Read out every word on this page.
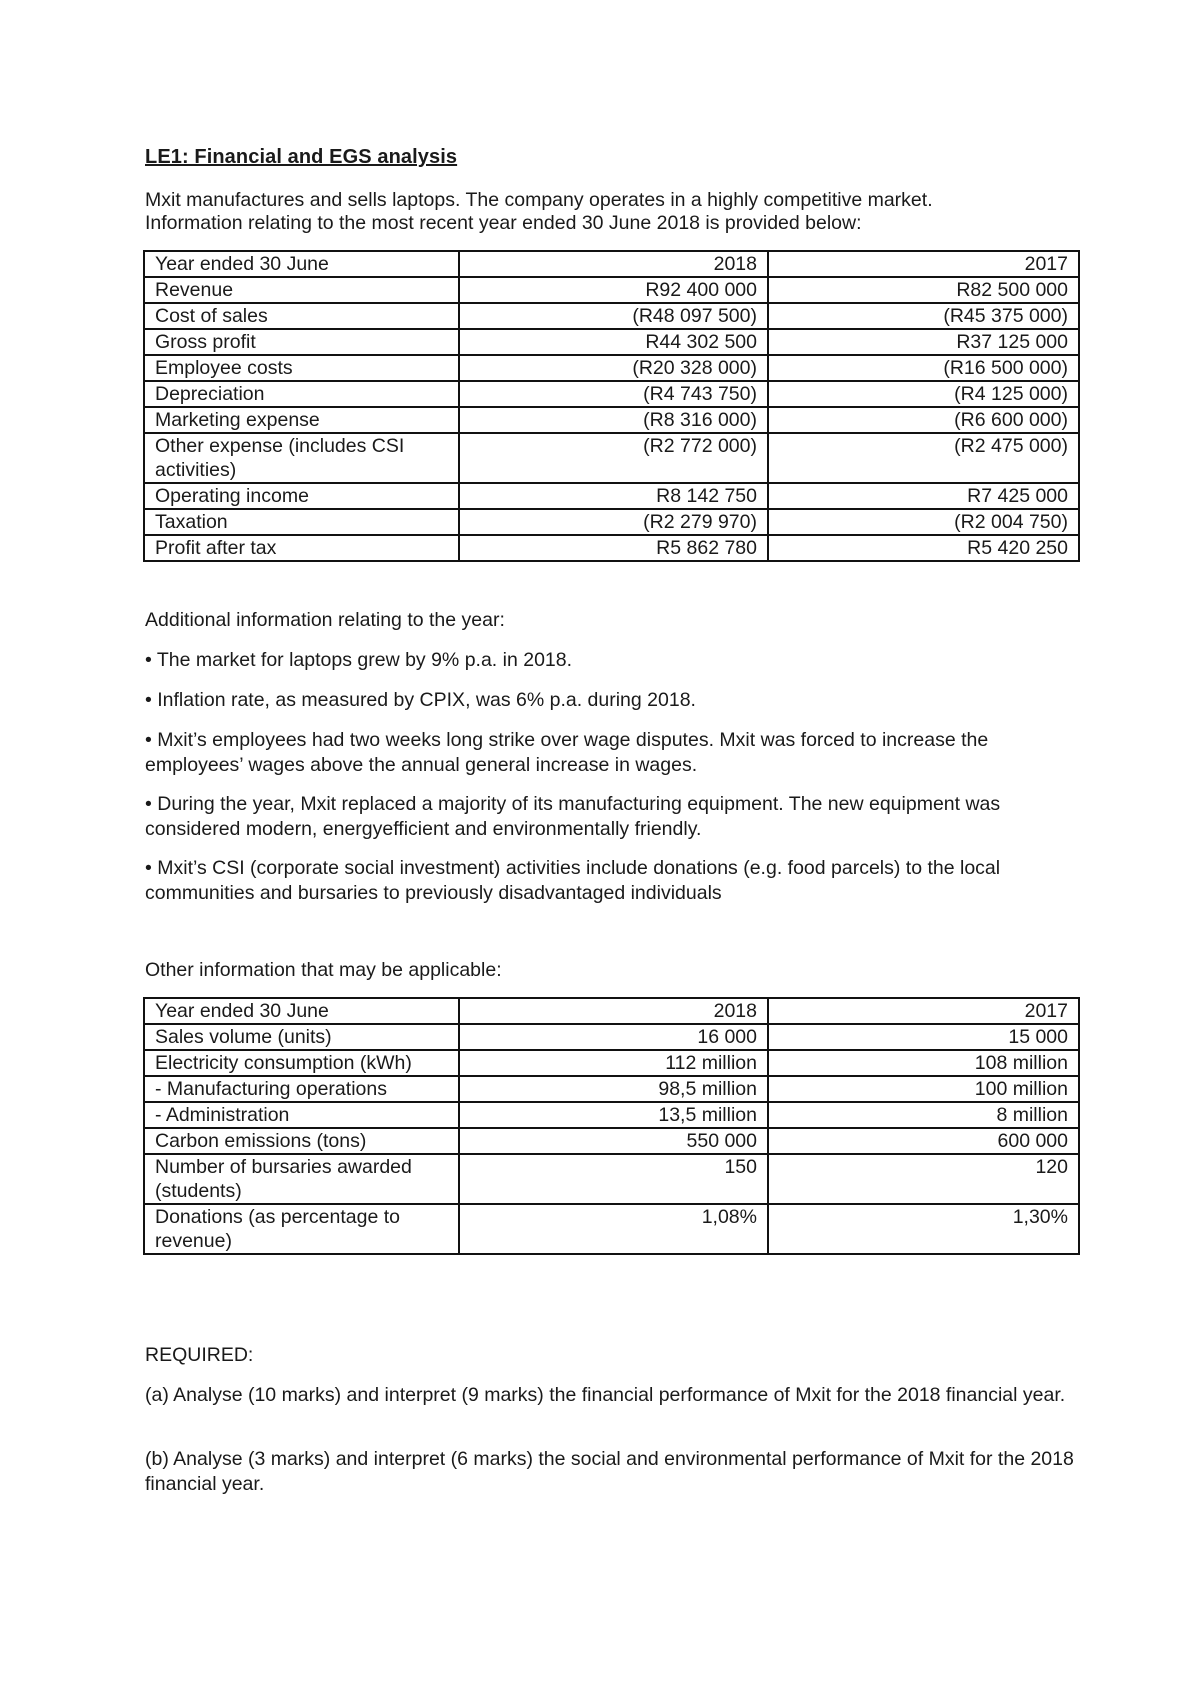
LE1: Financial and EGS analysis
Mxit manufactures and sells laptops. The company operates in a highly competitive market.
Information relating to the most recent year ended 30 June 2018 is provided below:
Year ended 30 June	2018	2017
Revenue	R92 400 000	R82 500 000
Cost of sales	(R48 097 500)	(R45 375 000)
Gross profit	R44 302 500	R37 125 000
Employee costs	(R20 328 000)	(R16 500 000)
Depreciation	(R4 743 750)	(R4 125 000)
Marketing expense	(R8 316 000)	(R6 600 000)
Other expense (includes CSI activities)	(R2 772 000)	(R2 475 000)
Operating income	R8 142 750	R7 425 000
Taxation	(R2 279 970)	(R2 004 750)
Profit after tax	R5 862 780	R5 420 250
Additional information relating to the year:
• The market for laptops grew by 9% p.a. in 2018.
• Inflation rate, as measured by CPIX, was 6% p.a. during 2018.
• Mxit’s employees had two weeks long strike over wage disputes. Mxit was forced to increase the employees’ wages above the annual general increase in wages.
• During the year, Mxit replaced a majority of its manufacturing equipment. The new equipment was considered modern, energyefficient and environmentally friendly.
• Mxit’s CSI (corporate social investment) activities include donations (e.g. food parcels) to the local communities and bursaries to previously disadvantaged individuals
Other information that may be applicable:
Year ended 30 June	2018	2017
Sales volume (units)	16 000	15 000
Electricity consumption (kWh)	112 million	108 million
- Manufacturing operations	98,5 million	100 million
- Administration	13,5 million	8 million
Carbon emissions (tons)	550 000	600 000
Number of bursaries awarded (students)	150	120
Donations (as percentage to revenue)	1,08%	1,30%
REQUIRED:
(a) Analyse (10 marks) and interpret (9 marks) the financial performance of Mxit for the 2018 financial year.
(b) Analyse (3 marks) and interpret (6 marks) the social and environmental performance of Mxit for the 2018 financial year.
